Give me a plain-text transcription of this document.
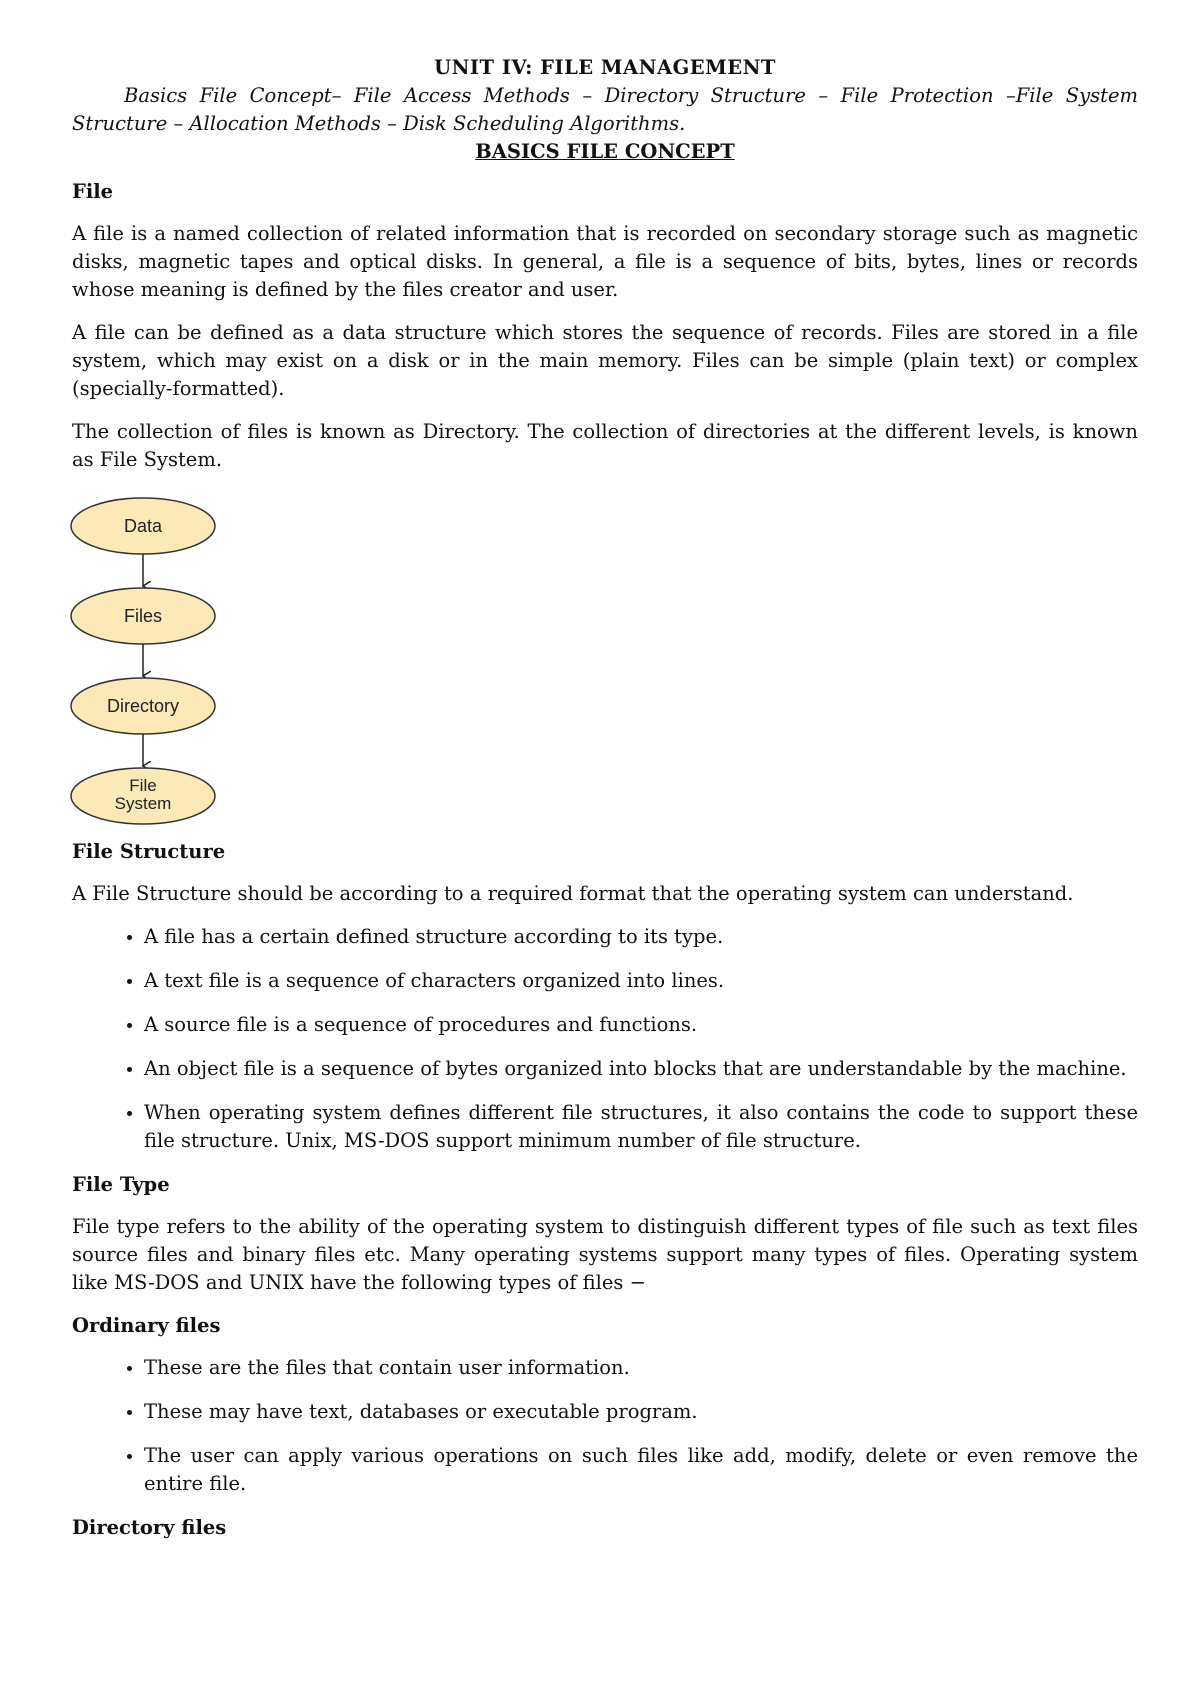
UNIT IV: FILE MANAGEMENT

Basics File Concept– File Access Methods – Directory Structure – File Protection –File System Structure – Allocation Methods – Disk Scheduling Algorithms.

BASICS FILE CONCEPT

File

A file is a named collection of related information that is recorded on secondary storage such as magnetic disks, magnetic tapes and optical disks. In general, a file is a sequence of bits, bytes, lines or records whose meaning is defined by the files creator and user.

A file can be defined as a data structure which stores the sequence of records. Files are stored in a file system, which may exist on a disk or in the main memory. Files can be simple (plain text) or complex (specially-formatted).

The collection of files is known as Directory. The collection of directories at the different levels, is known as File System.

Data
Files
Directory
File
System

File Structure

A File Structure should be according to a required format that the operating system can understand.

• A file has a certain defined structure according to its type.
• A text file is a sequence of characters organized into lines.
• A source file is a sequence of procedures and functions.
• An object file is a sequence of bytes organized into blocks that are understandable by the machine.
• When operating system defines different file structures, it also contains the code to support these file structure. Unix, MS-DOS support minimum number of file structure.

File Type

File type refers to the ability of the operating system to distinguish different types of file such as text files source files and binary files etc. Many operating systems support many types of files. Operating system like MS-DOS and UNIX have the following types of files −

Ordinary files

• These are the files that contain user information.
• These may have text, databases or executable program.
• The user can apply various operations on such files like add, modify, delete or even remove the entire file.

Directory files
